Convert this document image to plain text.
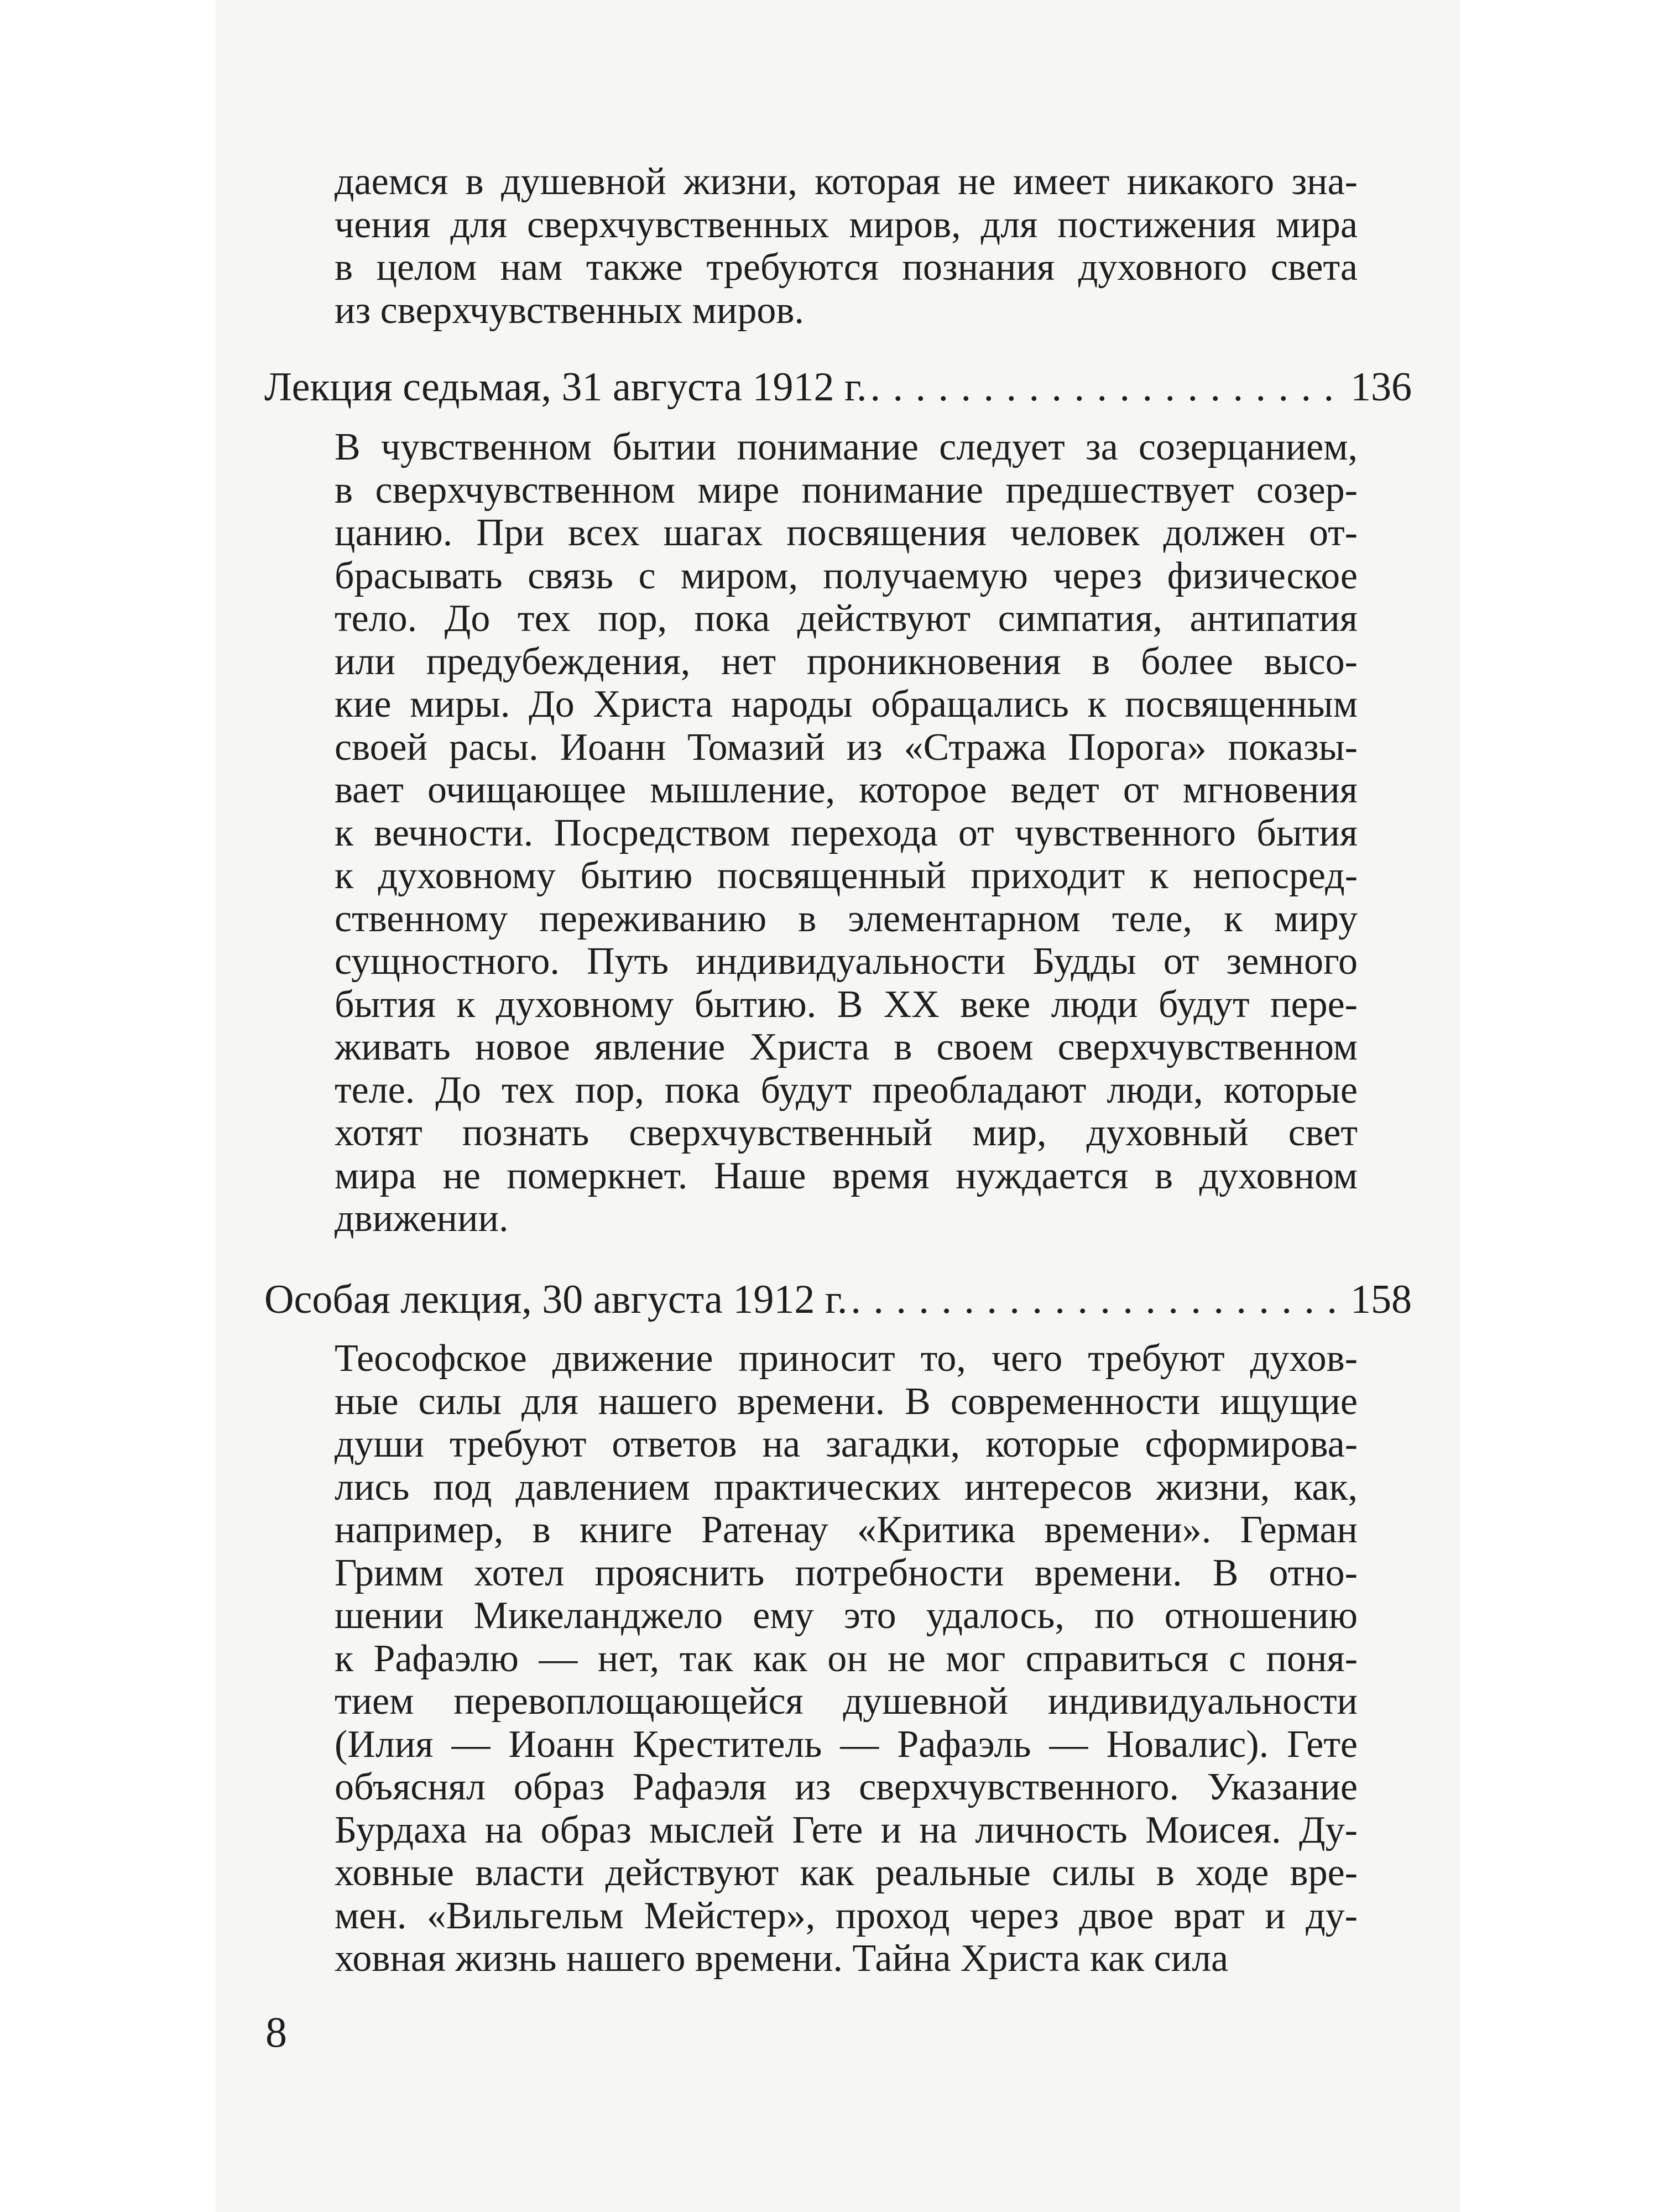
даемся в душевной жизни, которая не имеет никакого зна-
чения для сверхчувственных миров, для постижения мира
в целом нам также требуются познания духовного света
из сверхчувственных миров.
Лекция седьмая, 31 августа 1912 г. . . .	136
В чувственном бытии понимание следует за созерцанием,
в сверхчувственном мире понимание предшествует созер-
цанию. При всех шагах посвящения человек должен от-
брасывать связь с миром, получаемую через физическое
тело. До тех пор, пока действуют симпатия, антипатия
или предубеждения, нет проникновения в более высо-
кие миры. До Христа народы обращались к посвященным
своей расы. Иоанн Томазий из «Стража Порога» показы-
вает очищающее мышление, которое ведет от мгновения
к вечности. Посредством перехода от чувственного бытия
к духовному бытию посвященный приходит к непосред-
ственному переживанию в элементарном теле, к миру
сущностного. Путь индивидуальности Будды от земного
бытия к духовному бытию. В XX веке люди будут пере-
живать новое явление Христа в своем сверхчувственном
теле. До тех пор, пока будут преобладают люди, которые
хотят познать сверхчувственный мир, духовный свет
мира не померкнет. Наше время нуждается в духовном
движении.
Особая лекция, 30 августа 1912 г. . . .	158
Теософское движение приносит то, чего требуют духов-
ные силы для нашего времени. В современности ищущие
души требуют ответов на загадки, которые сформирова-
лись под давлением практических интересов жизни, как,
например, в книге Ратенау «Критика времени». Герман
Гримм хотел прояснить потребности времени. В отно-
шении Микеланджело ему это удалось, по отношению
к Рафаэлю — нет, так как он не мог справиться с поня-
тием перевоплощающейся душевной индивидуальности
(Илия — Иоанн Креститель — Рафаэль — Новалис). Гете
объяснял образ Рафаэля из сверхчувственного. Указание
Бурдаха на образ мыслей Гете и на личность Моисея. Ду-
ховные власти действуют как реальные силы в ходе вре-
мен. «Вильгельм Мейстер», проход через двое врат и ду-
ховная жизнь нашего времени. Тайна Христа как сила
8
